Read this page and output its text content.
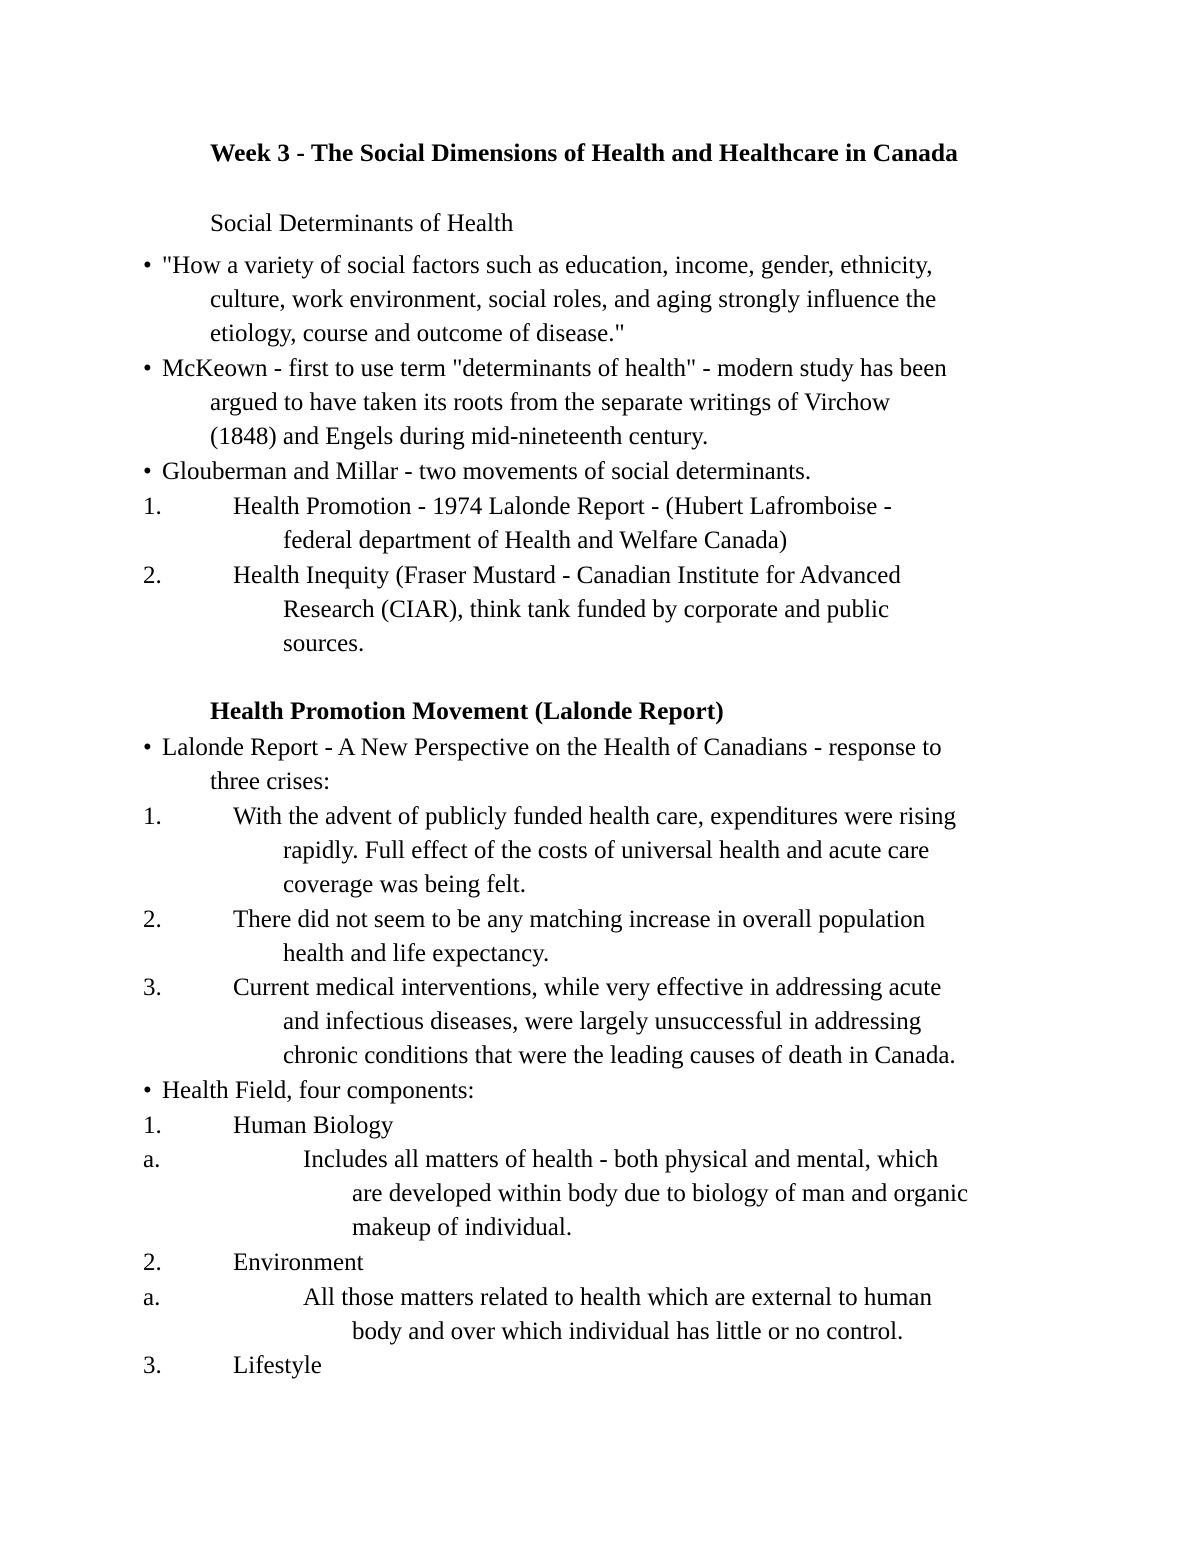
Week 3 - The Social Dimensions of Health and Healthcare in Canada
Social Determinants of Health
Health Promotion Movement (Lalonde Report)
• "How a variety of social factors such as education, income, gender, ethnicity,
culture, work environment, social roles, and aging strongly influence the
etiology, course and outcome of disease."
• McKeown - first to use term "determinants of health" - modern study has been
argued to have taken its roots from the separate writings of Virchow
(1848) and Engels during mid-nineteenth century.
• Glouberman and Millar - two movements of social determinants.
1.	Health Promotion - 1974 Lalonde Report - (Hubert Lafromboise -
federal department of Health and Welfare Canada)
2.	Health Inequity (Fraser Mustard - Canadian Institute for Advanced
Research (CIAR), think tank funded by corporate and public
sources.
• Lalonde Report - A New Perspective on the Health of Canadians - response to
three crises:
1.	With the advent of publicly funded health care, expenditures were rising
rapidly. Full effect of the costs of universal health and acute care
coverage was being felt.
2.	There did not seem to be any matching increase in overall population
health and life expectancy.
3.	Current medical interventions, while very effective in addressing acute
and infectious diseases, were largely unsuccessful in addressing
chronic conditions that were the leading causes of death in Canada.
• Health Field, four components:
1.	Human Biology
a.	Includes all matters of health - both physical and mental, which
are developed within body due to biology of man and organic
makeup of individual.
2.	Environment
a.	All those matters related to health which are external to human
body and over which individual has little or no control.
3.	Lifestyle
